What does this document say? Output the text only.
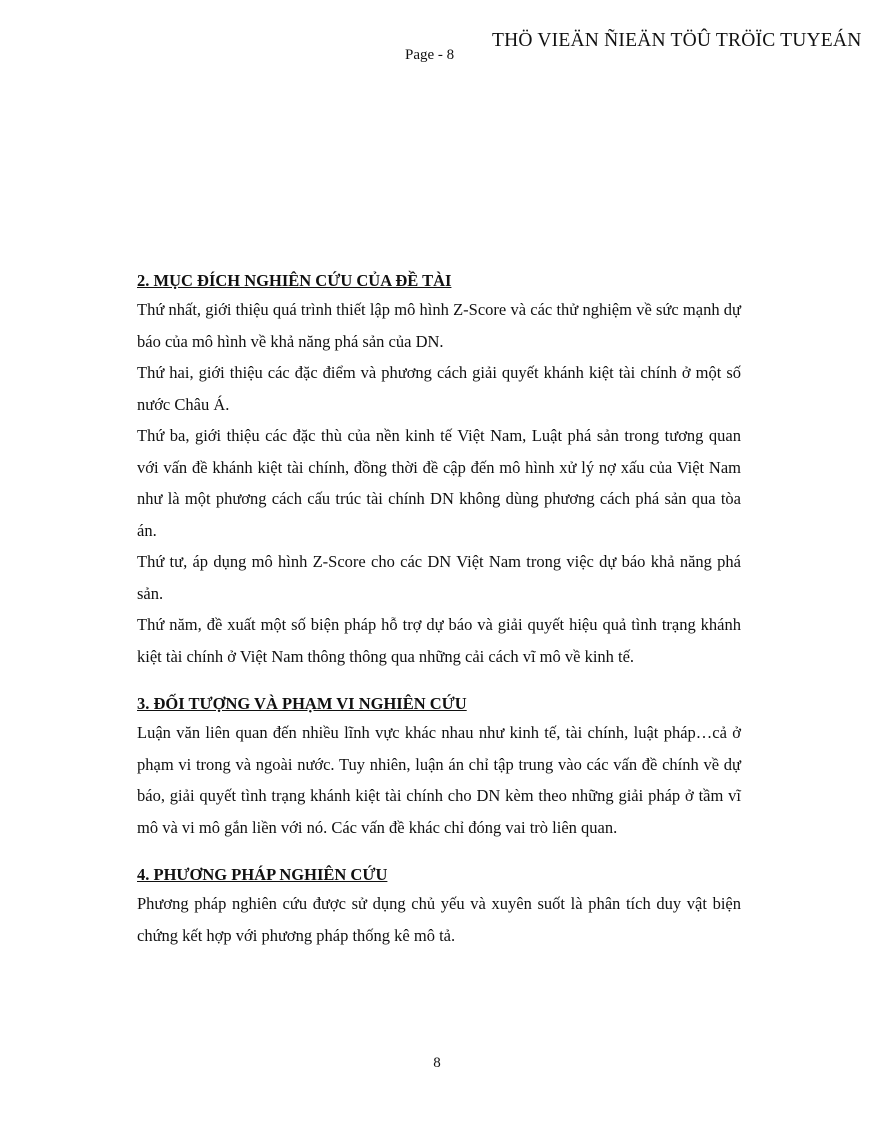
THÖ VIEÄN ÑIEÄN TÖÛ TRÖÏC TUYEÁN
Page - 8

2. MỤC ĐÍCH NGHIÊN CỨU CỦA ĐỀ TÀI

Thứ nhất, giới thiệu quá trình thiết lập mô hình Z-Score và các thử nghiệm về sức mạnh dự báo của mô hình về khả năng phá sản của DN.

Thứ hai, giới thiệu các đặc điểm và phương cách giải quyết khánh kiệt tài chính ở một số nước Châu Á.

Thứ ba, giới thiệu các đặc thù của nền kinh tế Việt Nam, Luật phá sản trong tương quan với vấn đề khánh kiệt tài chính, đồng thời đề cập đến mô hình xử lý nợ xấu của Việt Nam như là một phương cách cấu trúc tài chính DN không dùng phương cách phá sản qua tòa án.

Thứ tư, áp dụng mô hình Z-Score cho các DN Việt Nam trong việc dự báo khả năng phá sản.

Thứ năm, đề xuất một số biện pháp hỗ trợ dự báo và giải quyết hiệu quả tình trạng khánh kiệt tài chính ở Việt Nam thông thông qua những cải cách vĩ mô về kinh tế.

3. ĐỐI TƯỢNG VÀ PHẠM VI NGHIÊN CỨU

Luận văn liên quan đến nhiều lĩnh vực khác nhau như kinh tế, tài chính, luật pháp…cả ở phạm vi trong và ngoài nước. Tuy nhiên, luận án chỉ tập trung vào các vấn đề chính về dự báo, giải quyết tình trạng khánh kiệt tài chính cho DN kèm theo những giải pháp ở tầm vĩ mô và vi mô gắn liền với nó. Các vấn đề khác chỉ đóng vai trò liên quan.

4. PHƯƠNG PHÁP NGHIÊN CỨU

Phương pháp nghiên cứu được sử dụng chủ yếu và xuyên suốt là phân tích duy vật biện chứng kết hợp với phương pháp thống kê mô tả.

8
